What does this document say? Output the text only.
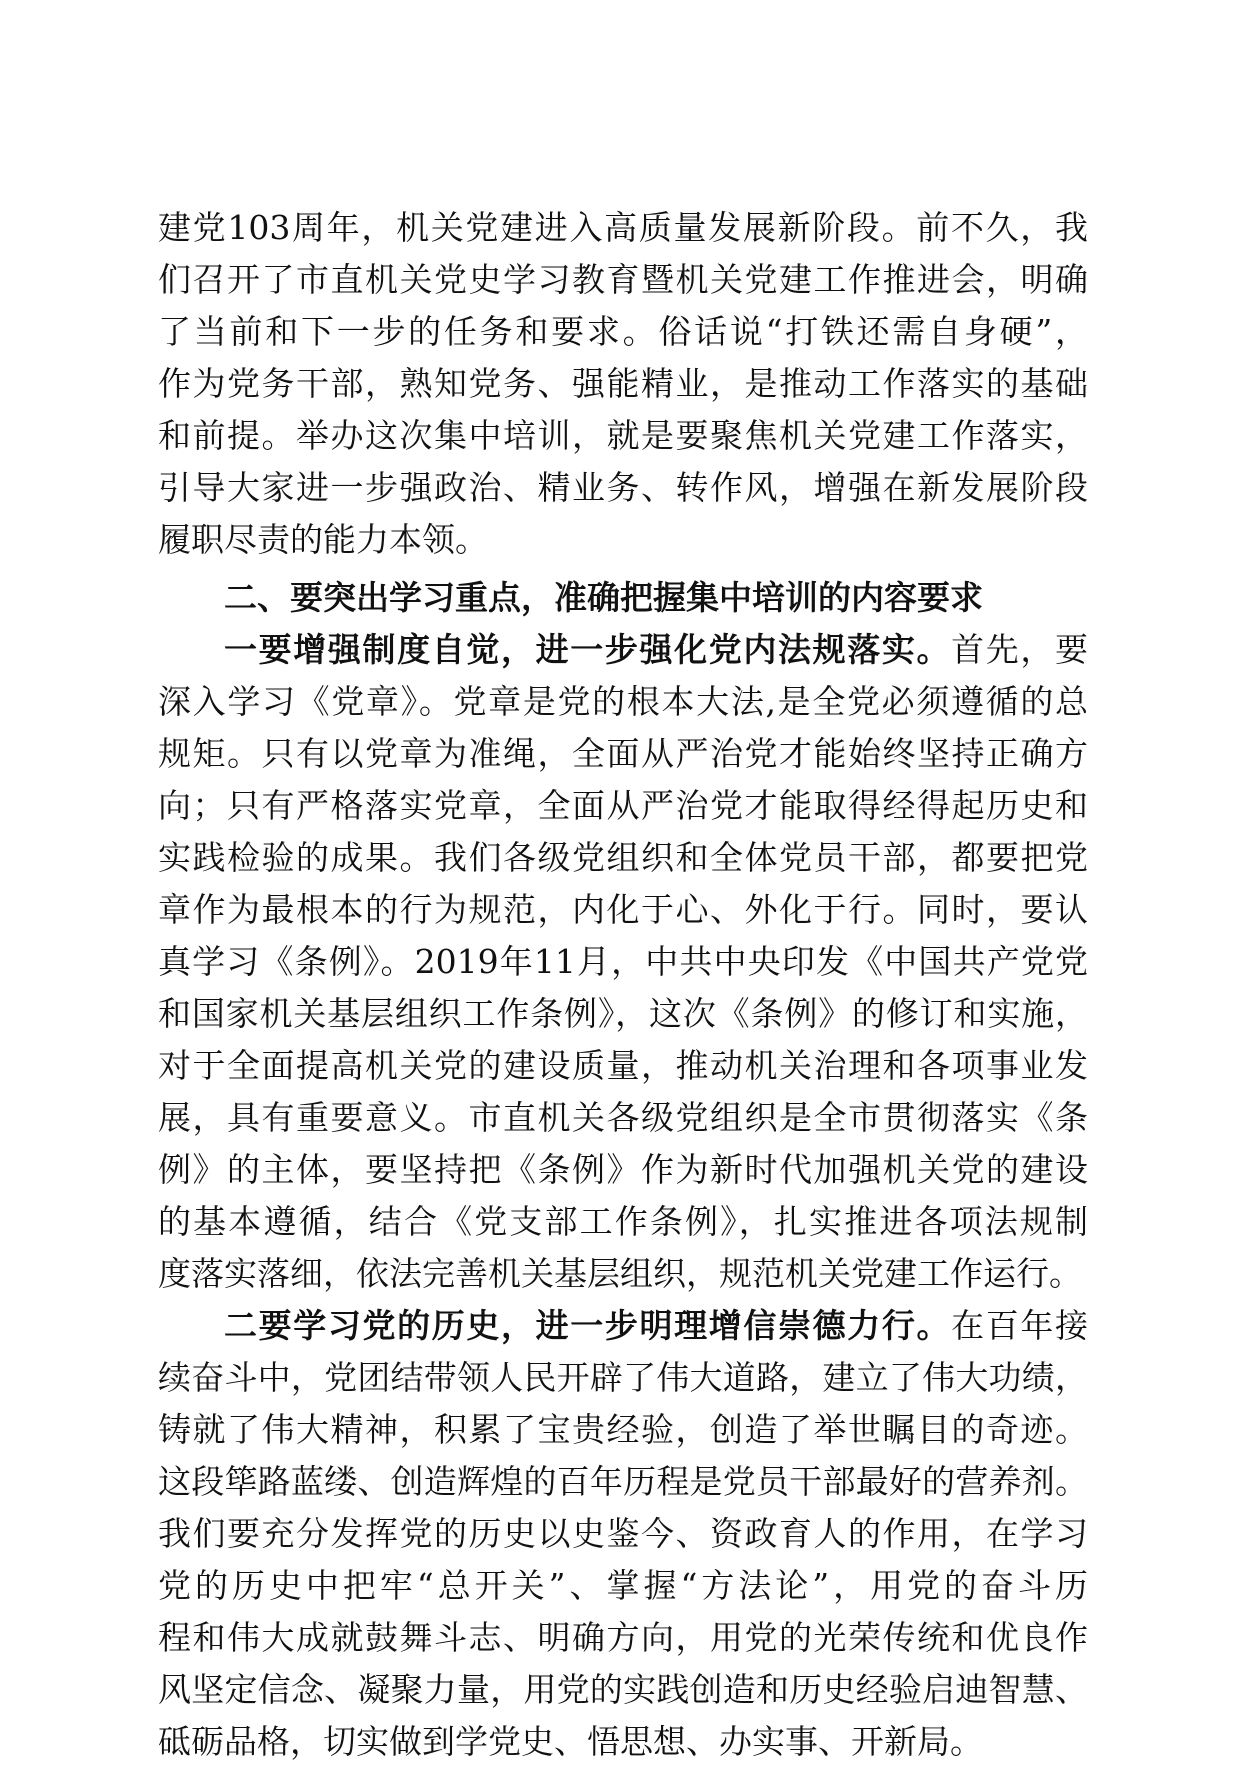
建党103周年，机关党建进入高质量发展新阶段。前不久，我
们召开了市直机关党史学习教育暨机关党建工作推进会，明确
了当前和下一步的任务和要求。俗话说“打铁还需自身硬”，
作为党务干部，熟知党务、强能精业，是推动工作落实的基础
和前提。举办这次集中培训，就是要聚焦机关党建工作落实，
引导大家进一步强政治、精业务、转作风，增强在新发展阶段
履职尽责的能力本领。
二、要突出学习重点，准确把握集中培训的内容要求
一要增强制度自觉，进一步强化党内法规落实。首先，要
深入学习《党章》。党章是党的根本大法,是全党必须遵循的总
规矩。只有以党章为准绳，全面从严治党才能始终坚持正确方
向；只有严格落实党章，全面从严治党才能取得经得起历史和
实践检验的成果。我们各级党组织和全体党员干部，都要把党
章作为最根本的行为规范，内化于心、外化于行。同时，要认
真学习《条例》。2019年11月，中共中央印发《中国共产党党
和国家机关基层组织工作条例》，这次《条例》的修订和实施，
对于全面提高机关党的建设质量，推动机关治理和各项事业发
展，具有重要意义。市直机关各级党组织是全市贯彻落实《条
例》的主体，要坚持把《条例》作为新时代加强机关党的建设
的基本遵循，结合《党支部工作条例》，扎实推进各项法规制
度落实落细，依法完善机关基层组织，规范机关党建工作运行。
二要学习党的历史，进一步明理增信崇德力行。在百年接
续奋斗中，党团结带领人民开辟了伟大道路，建立了伟大功绩，
铸就了伟大精神，积累了宝贵经验，创造了举世瞩目的奇迹。
这段筚路蓝缕、创造辉煌的百年历程是党员干部最好的营养剂。
我们要充分发挥党的历史以史鉴今、资政育人的作用，在学习
党的历史中把牢“总开关”、掌握“方法论”，用党的奋斗历
程和伟大成就鼓舞斗志、明确方向，用党的光荣传统和优良作
风坚定信念、凝聚力量，用党的实践创造和历史经验启迪智慧、
砥砺品格，切实做到学党史、悟思想、办实事、开新局。
